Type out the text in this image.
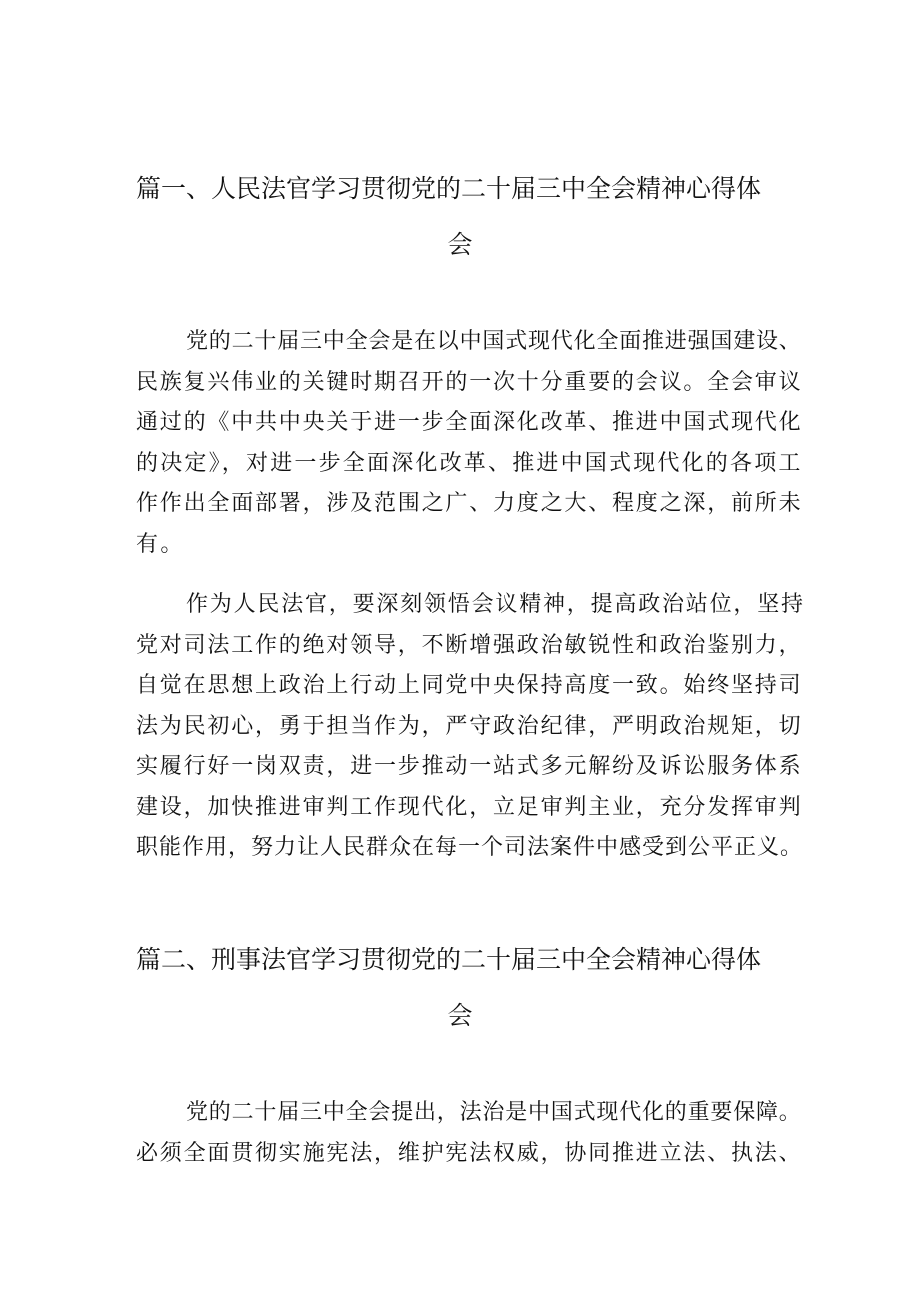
篇一、人民法官学习贯彻党的二十届三中全会精神心得体
会
党的二十届三中全会是在以中国式现代化全面推进强国建设、
民族复兴伟业的关键时期召开的一次十分重要的会议。全会审议
通过的《中共中央关于进一步全面深化改革、推进中国式现代化
的决定》，对进一步全面深化改革、推进中国式现代化的各项工
作作出全面部署，涉及范围之广、力度之大、程度之深，前所未
有。
作为人民法官，要深刻领悟会议精神，提高政治站位，坚持
党对司法工作的绝对领导，不断增强政治敏锐性和政治鉴别力，
自觉在思想上政治上行动上同党中央保持高度一致。始终坚持司
法为民初心，勇于担当作为，严守政治纪律，严明政治规矩，切
实履行好一岗双责，进一步推动一站式多元解纷及诉讼服务体系
建设，加快推进审判工作现代化，立足审判主业，充分发挥审判
职能作用，努力让人民群众在每一个司法案件中感受到公平正义。
篇二、刑事法官学习贯彻党的二十届三中全会精神心得体
会
党的二十届三中全会提出，法治是中国式现代化的重要保障。
必须全面贯彻实施宪法，维护宪法权威，协同推进立法、执法、
